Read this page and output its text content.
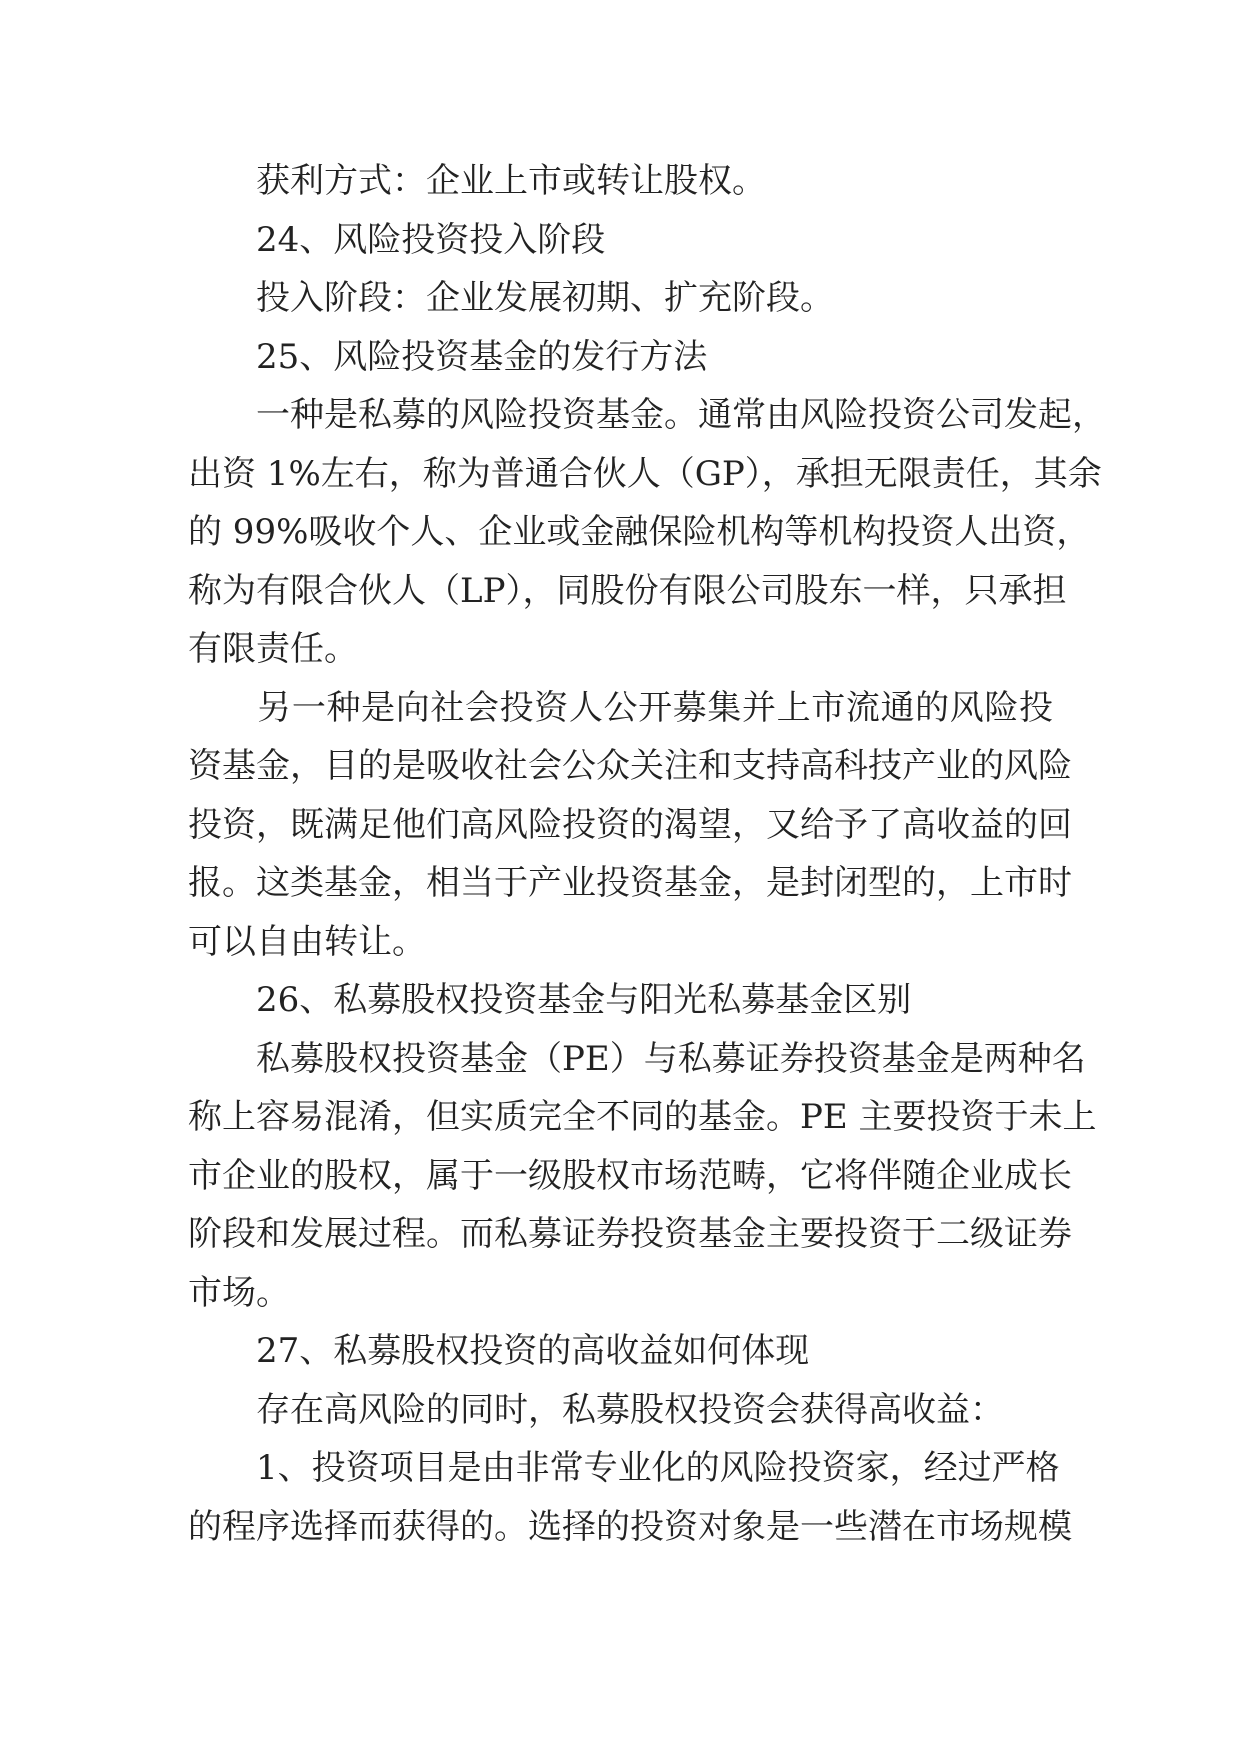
　　获利方式：企业上市或转让股权。
　　24、风险投资投入阶段
　　投入阶段：企业发展初期、扩充阶段。
　　25、风险投资基金的发行方法
　　一种是私募的风险投资基金。通常由风险投资公司发起，
出资 1%左右，称为普通合伙人（GP），承担无限责任，其余
的 99%吸收个人、企业或金融保险机构等机构投资人出资，
称为有限合伙人（LP），同股份有限公司股东一样，只承担
有限责任。
　　另一种是向社会投资人公开募集并上市流通的风险投
资基金，目的是吸收社会公众关注和支持高科技产业的风险
投资，既满足他们高风险投资的渴望，又给予了高收益的回
报。这类基金，相当于产业投资基金，是封闭型的，上市时
可以自由转让。
　　26、私募股权投资基金与阳光私募基金区别
　　私募股权投资基金（PE）与私募证券投资基金是两种名
称上容易混淆，但实质完全不同的基金。PE 主要投资于未上
市企业的股权，属于一级股权市场范畴，它将伴随企业成长
阶段和发展过程。而私募证券投资基金主要投资于二级证券
市场。
　　27、私募股权投资的高收益如何体现
　　存在高风险的同时，私募股权投资会获得高收益：
　　1、投资项目是由非常专业化的风险投资家，经过严格
的程序选择而获得的。选择的投资对象是一些潜在市场规模
